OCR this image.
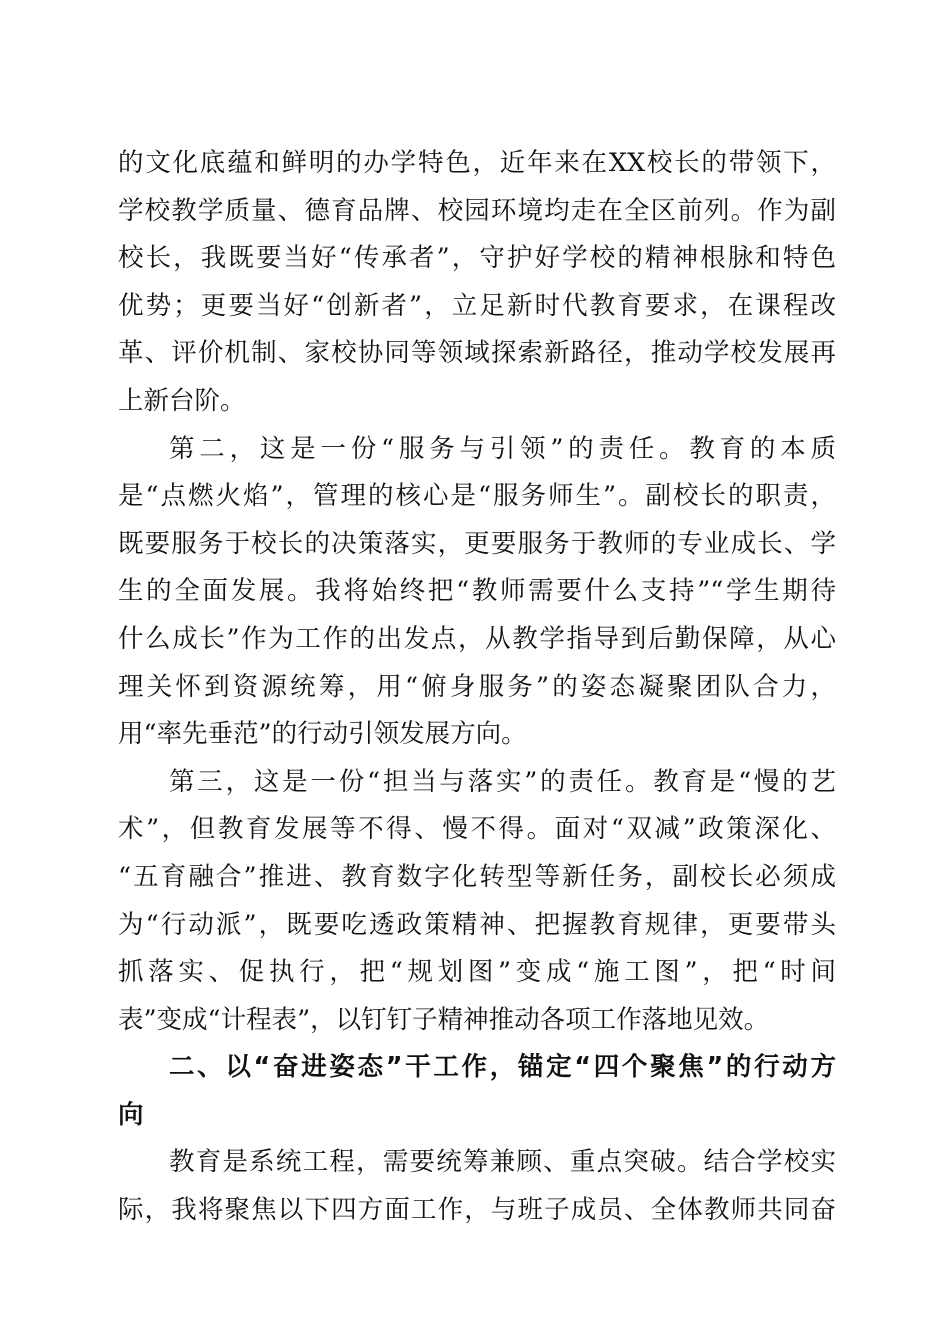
的文化底蕴和鲜明的办学特色，近年来在XX校长的带领下，
学校教学质量、德育品牌、校园环境均走在全区前列。作为副
校长，我既要当好“传承者”，守护好学校的精神根脉和特色
优势；更要当好“创新者”，立足新时代教育要求，在课程改
革、评价机制、家校协同等领域探索新路径，推动学校发展再
上新台阶。
第二，这是一份“服务与引领”的责任。教育的本质
是“点燃火焰”，管理的核心是“服务师生”。副校长的职责，
既要服务于校长的决策落实，更要服务于教师的专业成长、学
生的全面发展。我将始终把“教师需要什么支持”“学生期待
什么成长”作为工作的出发点，从教学指导到后勤保障，从心
理关怀到资源统筹，用“俯身服务”的姿态凝聚团队合力，
用“率先垂范”的行动引领发展方向。
第三，这是一份“担当与落实”的责任。教育是“慢的艺
术”，但教育发展等不得、慢不得。面对“双减”政策深化、
“五育融合”推进、教育数字化转型等新任务，副校长必须成
为“行动派”，既要吃透政策精神、把握教育规律，更要带头
抓落实、促执行，把“规划图”变成“施工图”，把“时间
表”变成“计程表”，以钉钉子精神推动各项工作落地见效。
二、以“奋进姿态”干工作，锚定“四个聚焦”的行动方
向
教育是系统工程，需要统筹兼顾、重点突破。结合学校实
际，我将聚焦以下四方面工作，与班子成员、全体教师共同奋
